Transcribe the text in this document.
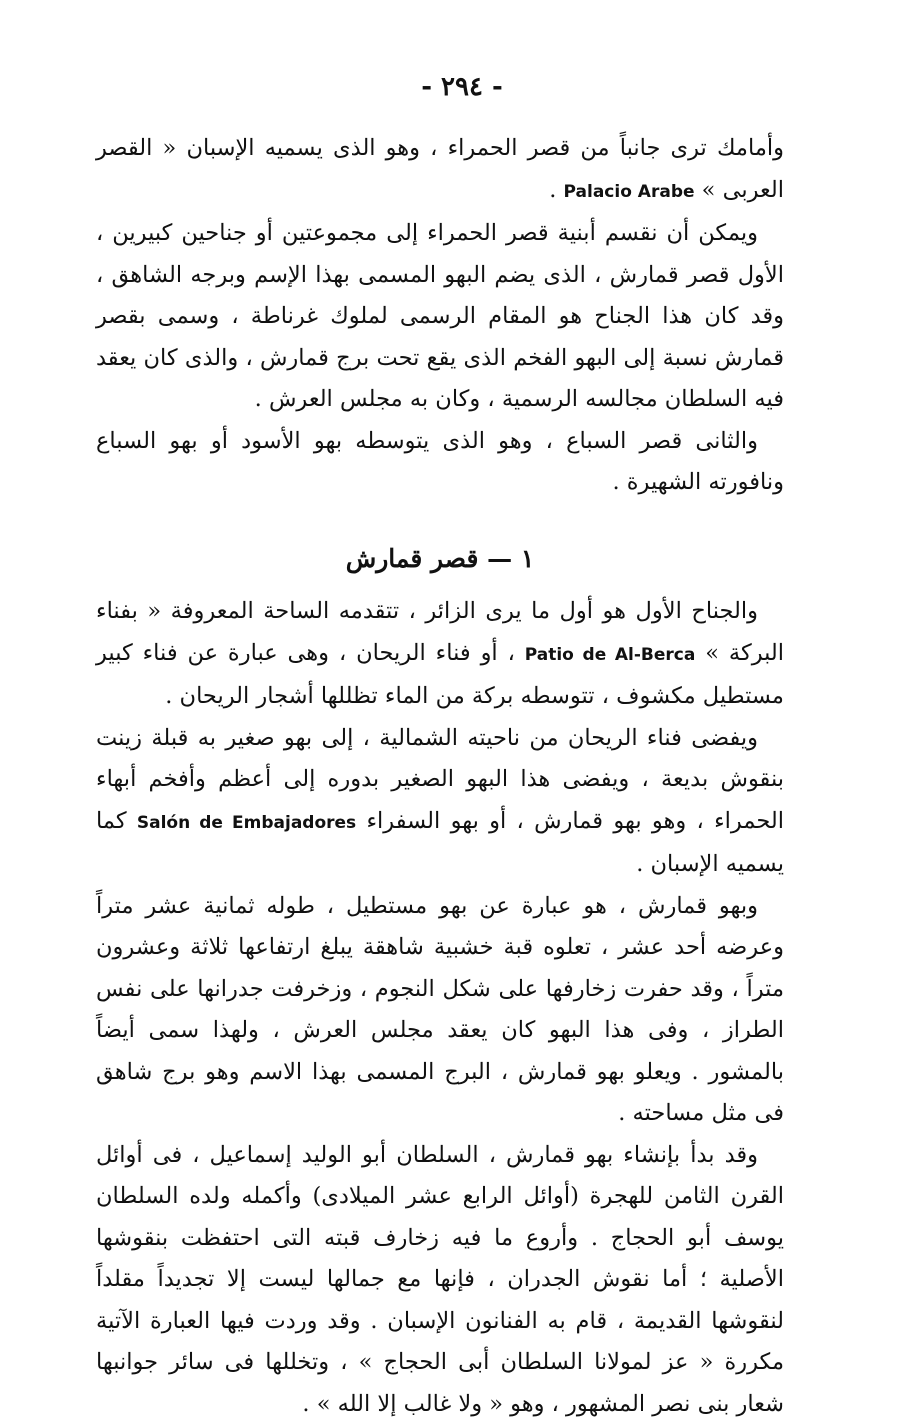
- ٢٩٤ -

وأمامك ترى جانباً من قصر الحمراء ، وهو الذى يسميه الإسبان « القصر العربى » Palacio Arabe .

ويمكن أن نقسم أبنية قصر الحمراء إلى مجموعتين أو جناحين كبيرين ، الأول قصر قمارش ، الذى يضم البهو المسمى بهذا الإسم وبرجه الشاهق ، وقد كان هذا الجناح هو المقام الرسمى لملوك غرناطة ، وسمى بقصر قمارش نسبة إلى البهو الفخم الذى يقع تحت برج قمارش ، والذى كان يعقد فيه السلطان مجالسه الرسمية ، وكان به مجلس العرش .

والثانى قصر السباع ، وهو الذى يتوسطه بهو الأسود أو بهو السباع ونافورته الشهيرة .

١ — قصر قمارش

والجناح الأول هو أول ما يرى الزائر ، تتقدمه الساحة المعروفة « بفناء البركة » Patio de Al-Berca ، أو فناء الريحان ، وهى عبارة عن فناء كبير مستطيل مكشوف ، تتوسطه بركة من الماء تظللها أشجار الريحان .

ويفضى فناء الريحان من ناحيته الشمالية ، إلى بهو صغير به قبلة زينت بنقوش بديعة ، ويفضى هذا البهو الصغير بدوره إلى أعظم وأفخم أبهاء الحمراء ، وهو بهو قمارش ، أو بهو السفراء Salón de Embajadores كما يسميه الإسبان .

وبهو قمارش ، هو عبارة عن بهو مستطيل ، طوله ثمانية عشر متراً وعرضه أحد عشر ، تعلوه قبة خشبية شاهقة يبلغ ارتفاعها ثلاثة وعشرون متراً ، وقد حفرت زخارفها على شكل النجوم ، وزخرفت جدرانها على نفس الطراز ، وفى هذا البهو كان يعقد مجلس العرش ، ولهذا سمى أيضاً بالمشور . ويعلو بهو قمارش ، البرج المسمى بهذا الاسم وهو برج شاهق فى مثل مساحته .

وقد بدأ بإنشاء بهو قمارش ، السلطان أبو الوليد إسماعيل ، فى أوائل القرن الثامن للهجرة (أوائل الرابع عشر الميلادى) وأكمله ولده السلطان يوسف أبو الحجاج . وأروع ما فيه زخارف قبته التى احتفظت بنقوشها الأصلية ؛ أما نقوش الجدران ، فإنها مع جمالها ليست إلا تجديداً مقلداً لنقوشها القديمة ، قام به الفنانون الإسبان . وقد وردت فيها العبارة الآتية مكررة « عز لمولانا السلطان أبى الحجاج » ، وتخللها فى سائر جوانبها شعار بنى نصر المشهور ، وهو « ولا غالب إلا الله » .
